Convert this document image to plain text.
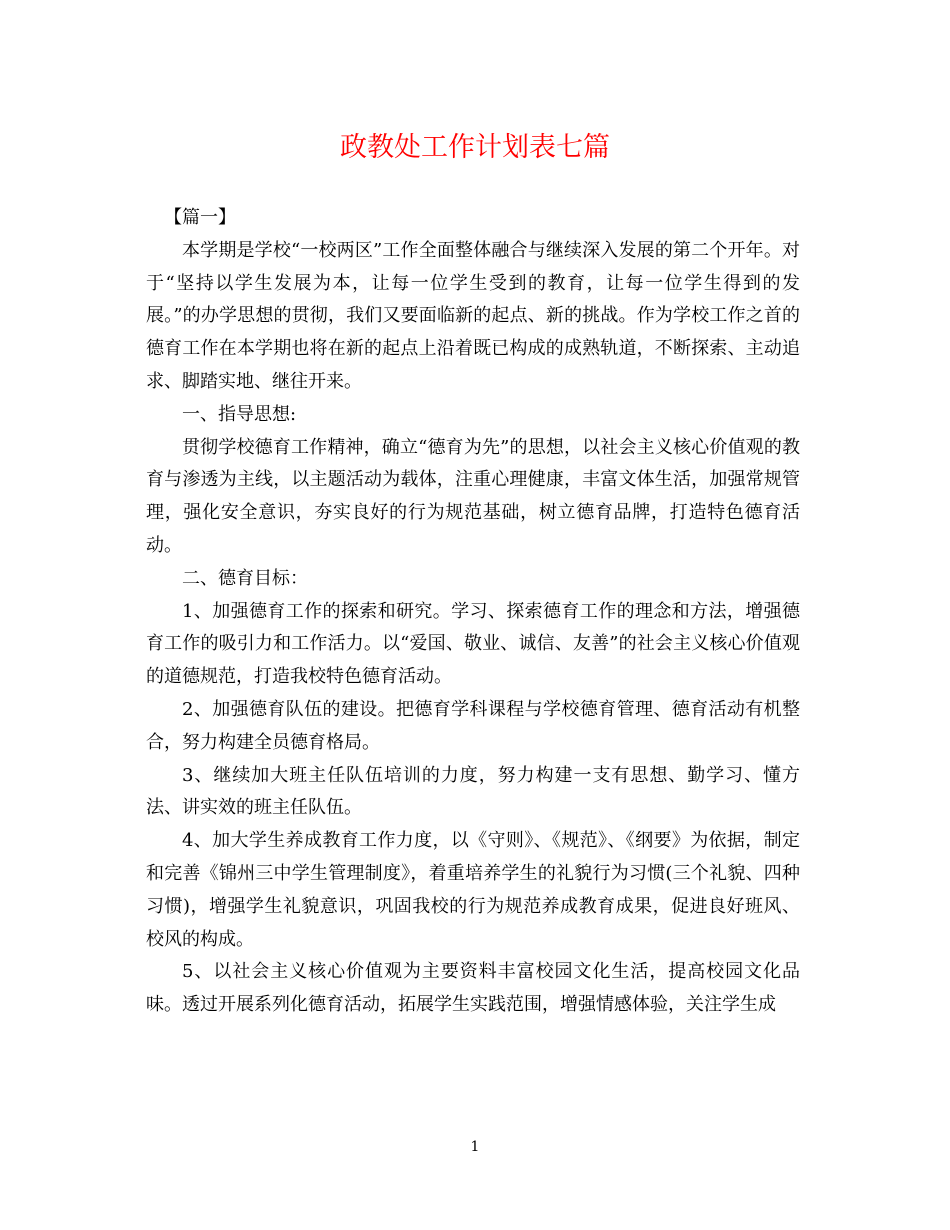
政教处工作计划表七篇

【篇一】

本学期是学校“一校两区”工作全面整体融合与继续深入发展的第二个开年。对于“坚持以学生发展为本，让每一位学生受到的教育，让每一位学生得到的发展。”的办学思想的贯彻，我们又要面临新的起点、新的挑战。作为学校工作之首的德育工作在本学期也将在新的起点上沿着既已构成的成熟轨道，不断探索、主动追求、脚踏实地、继往开来。

一、指导思想:

贯彻学校德育工作精神，确立“德育为先”的思想，以社会主义核心价值观的教育与渗透为主线，以主题活动为载体，注重心理健康，丰富文体生活，加强常规管理，强化安全意识，夯实良好的行为规范基础，树立德育品牌，打造特色德育活动。

二、德育目标：

1、加强德育工作的探索和研究。学习、探索德育工作的理念和方法，增强德育工作的吸引力和工作活力。以“爱国、敬业、诚信、友善”的社会主义核心价值观的道德规范，打造我校特色德育活动。

2、加强德育队伍的建设。把德育学科课程与学校德育管理、德育活动有机整合，努力构建全员德育格局。

3、继续加大班主任队伍培训的力度，努力构建一支有思想、勤学习、懂方法、讲实效的班主任队伍。

4、加大学生养成教育工作力度，以《守则》、《规范》、《纲要》为依据，制定和完善《锦州三中学生管理制度》，着重培养学生的礼貌行为习惯(三个礼貌、四种习惯)，增强学生礼貌意识，巩固我校的行为规范养成教育成果，促进良好班风、校风的构成。

5、以社会主义核心价值观为主要资料丰富校园文化生活，提高校园文化品味。透过开展系列化德育活动，拓展学生实践范围，增强情感体验，关注学生成

1
